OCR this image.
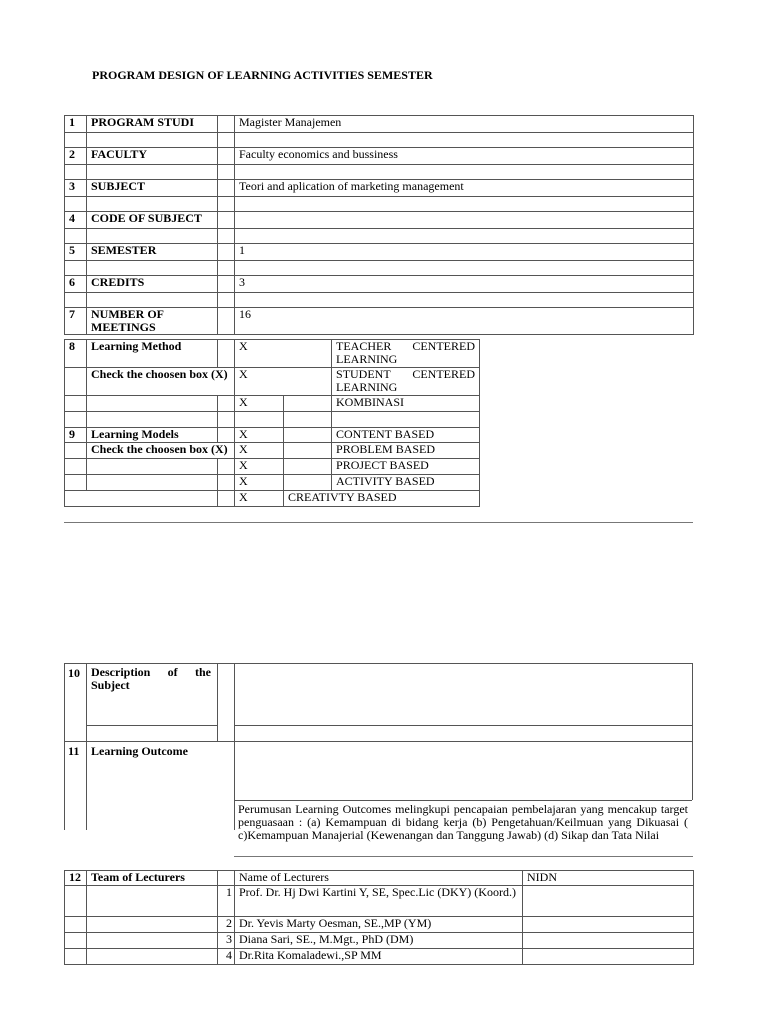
PROGRAM DESIGN OF LEARNING ACTIVITIES SEMESTER
1	PROGRAM STUDI		Magister Manajemen

2	FACULTY		Faculty economics and bussiness

3	SUBJECT		Teori and aplication of marketing management

4	CODE OF SUBJECT		

5	SEMESTER		1

6	CREDITS		3

7	NUMBER OF MEETINGS		16
8	Learning Method		X		TEACHER CENTERED
LEARNING

	Check the choosen box (X)		X		STUDENT CENTERED
LEARNING

			X		KOMBINASI

9	Learning Models		X		CONTENT BASED
	Check the choosen box (X)		X		PROBLEM BASED
			X		PROJECT BASED
			X		ACTIVITY BASED
			X	CREATIVTY BASED	
10 Description of the Subject
11 Learning Outcome
Perumusan Learning Outcomes melingkupi pencapaian pembelajaran yang mencakup target penguasaan : (a) Kemampuan di bidang kerja (b) Pengetahuan/Keilmuan yang Dikuasai ( c)Kemampuan Manajerial (Kewenangan dan Tanggung Jawab) (d) Sikap dan Tata Nilai
12	Team of Lecturers		Name of Lecturers	NIDN
		1	Prof. Dr. Hj Dwi Kartini Y, SE, Spec.Lic (DKY) (Koord.)	
		2	Dr. Yevis Marty Oesman, SE.,MP (YM)	
		3	Diana Sari, SE., M.Mgt., PhD (DM)	
		4	Dr.Rita Komaladewi.,SP MM	
